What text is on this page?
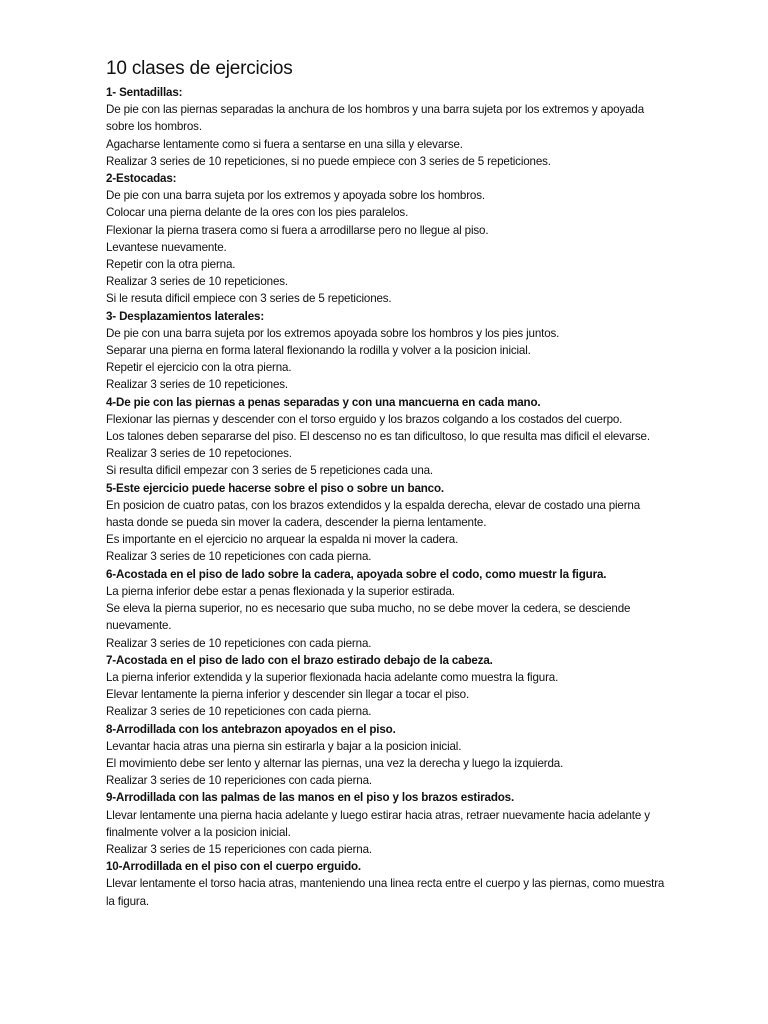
10 clases de ejercicios

1- Sentadillas:

De pie con las piernas separadas la anchura de los hombros y una barra sujeta por los extremos y apoyada sobre los hombros.

Agacharse lentamente como si fuera a sentarse en una silla y elevarse.

Realizar 3 series de 10 repeticiones, si no puede empiece con 3 series de 5 repeticiones.

2-Estocadas:

De pie con una barra sujeta por los extremos y apoyada sobre los hombros.

Colocar una pierna delante de la ores con los pies paralelos.

Flexionar la pierna trasera como si fuera a arrodillarse pero no llegue al piso.

Levantese nuevamente.

Repetir con la otra pierna.

Realizar 3 series de 10 repeticiones.

Si le resuta dificil empiece con 3 series de 5 repeticiones.

3- Desplazamientos laterales:

De pie con una barra sujeta por los extremos apoyada sobre los hombros y los pies juntos.

Separar una pierna en forma lateral flexionando la rodilla y volver a la posicion inicial.

Repetir el ejercicio con la otra pierna.

Realizar 3 series de 10 repeticiones.

4-De pie con las piernas a penas separadas y con una mancuerna en cada mano.

Flexionar las piernas y descender con el torso erguido y los brazos colgando a los costados del cuerpo.

Los talones deben separarse del piso. El descenso no es tan dificultoso, lo que resulta mas dificil el elevarse.

Realizar 3 series de 10 repetociones.

Si resulta dificil empezar con 3 series de 5 repeticiones cada una.

5-Este ejercicio puede hacerse sobre el piso o sobre un banco.

En posicion de cuatro patas, con los brazos extendidos y la espalda derecha, elevar de costado una pierna hasta donde se pueda sin mover la cadera, descender la pierna lentamente.

Es importante en el ejercicio no arquear la espalda ni mover la cadera.

Realizar 3 series de 10 repeticiones con cada pierna.

6-Acostada en el piso de lado sobre la cadera, apoyada sobre el codo, como muestr la figura.

La pierna inferior debe estar a penas flexionada y la superior estirada.

Se eleva la pierna superior, no es necesario que suba mucho, no se debe mover la cedera, se desciende nuevamente.

Realizar 3 series de 10 repeticiones con cada pierna.

7-Acostada en el piso de lado con el brazo estirado debajo de la cabeza.

La pierna inferior extendida y la superior flexionada hacia adelante como muestra la figura.

Elevar lentamente la pierna inferior y descender sin llegar a tocar el piso.

Realizar 3 series de 10 repeticiones con cada pierna.

8-Arrodillada con los antebrazon apoyados en el piso.

Levantar hacia atras una pierna sin estirarla y bajar a la posicion inicial.

El movimiento debe ser lento y alternar las piernas, una vez la derecha y luego la izquierda.

Realizar 3 series de 10 repericiones con cada pierna.

9-Arrodillada con las palmas de las manos en el piso y los brazos estirados.

Llevar lentamente una pierna hacia adelante y luego estirar hacia atras, retraer nuevamente hacia adelante y finalmente volver a la posicion inicial.

Realizar 3 series de 15 repericiones con cada pierna.

10-Arrodillada en el piso con el cuerpo erguido.

Llevar lentamente el torso hacia atras, manteniendo una linea recta entre el cuerpo y las piernas, como muestra la figura.
